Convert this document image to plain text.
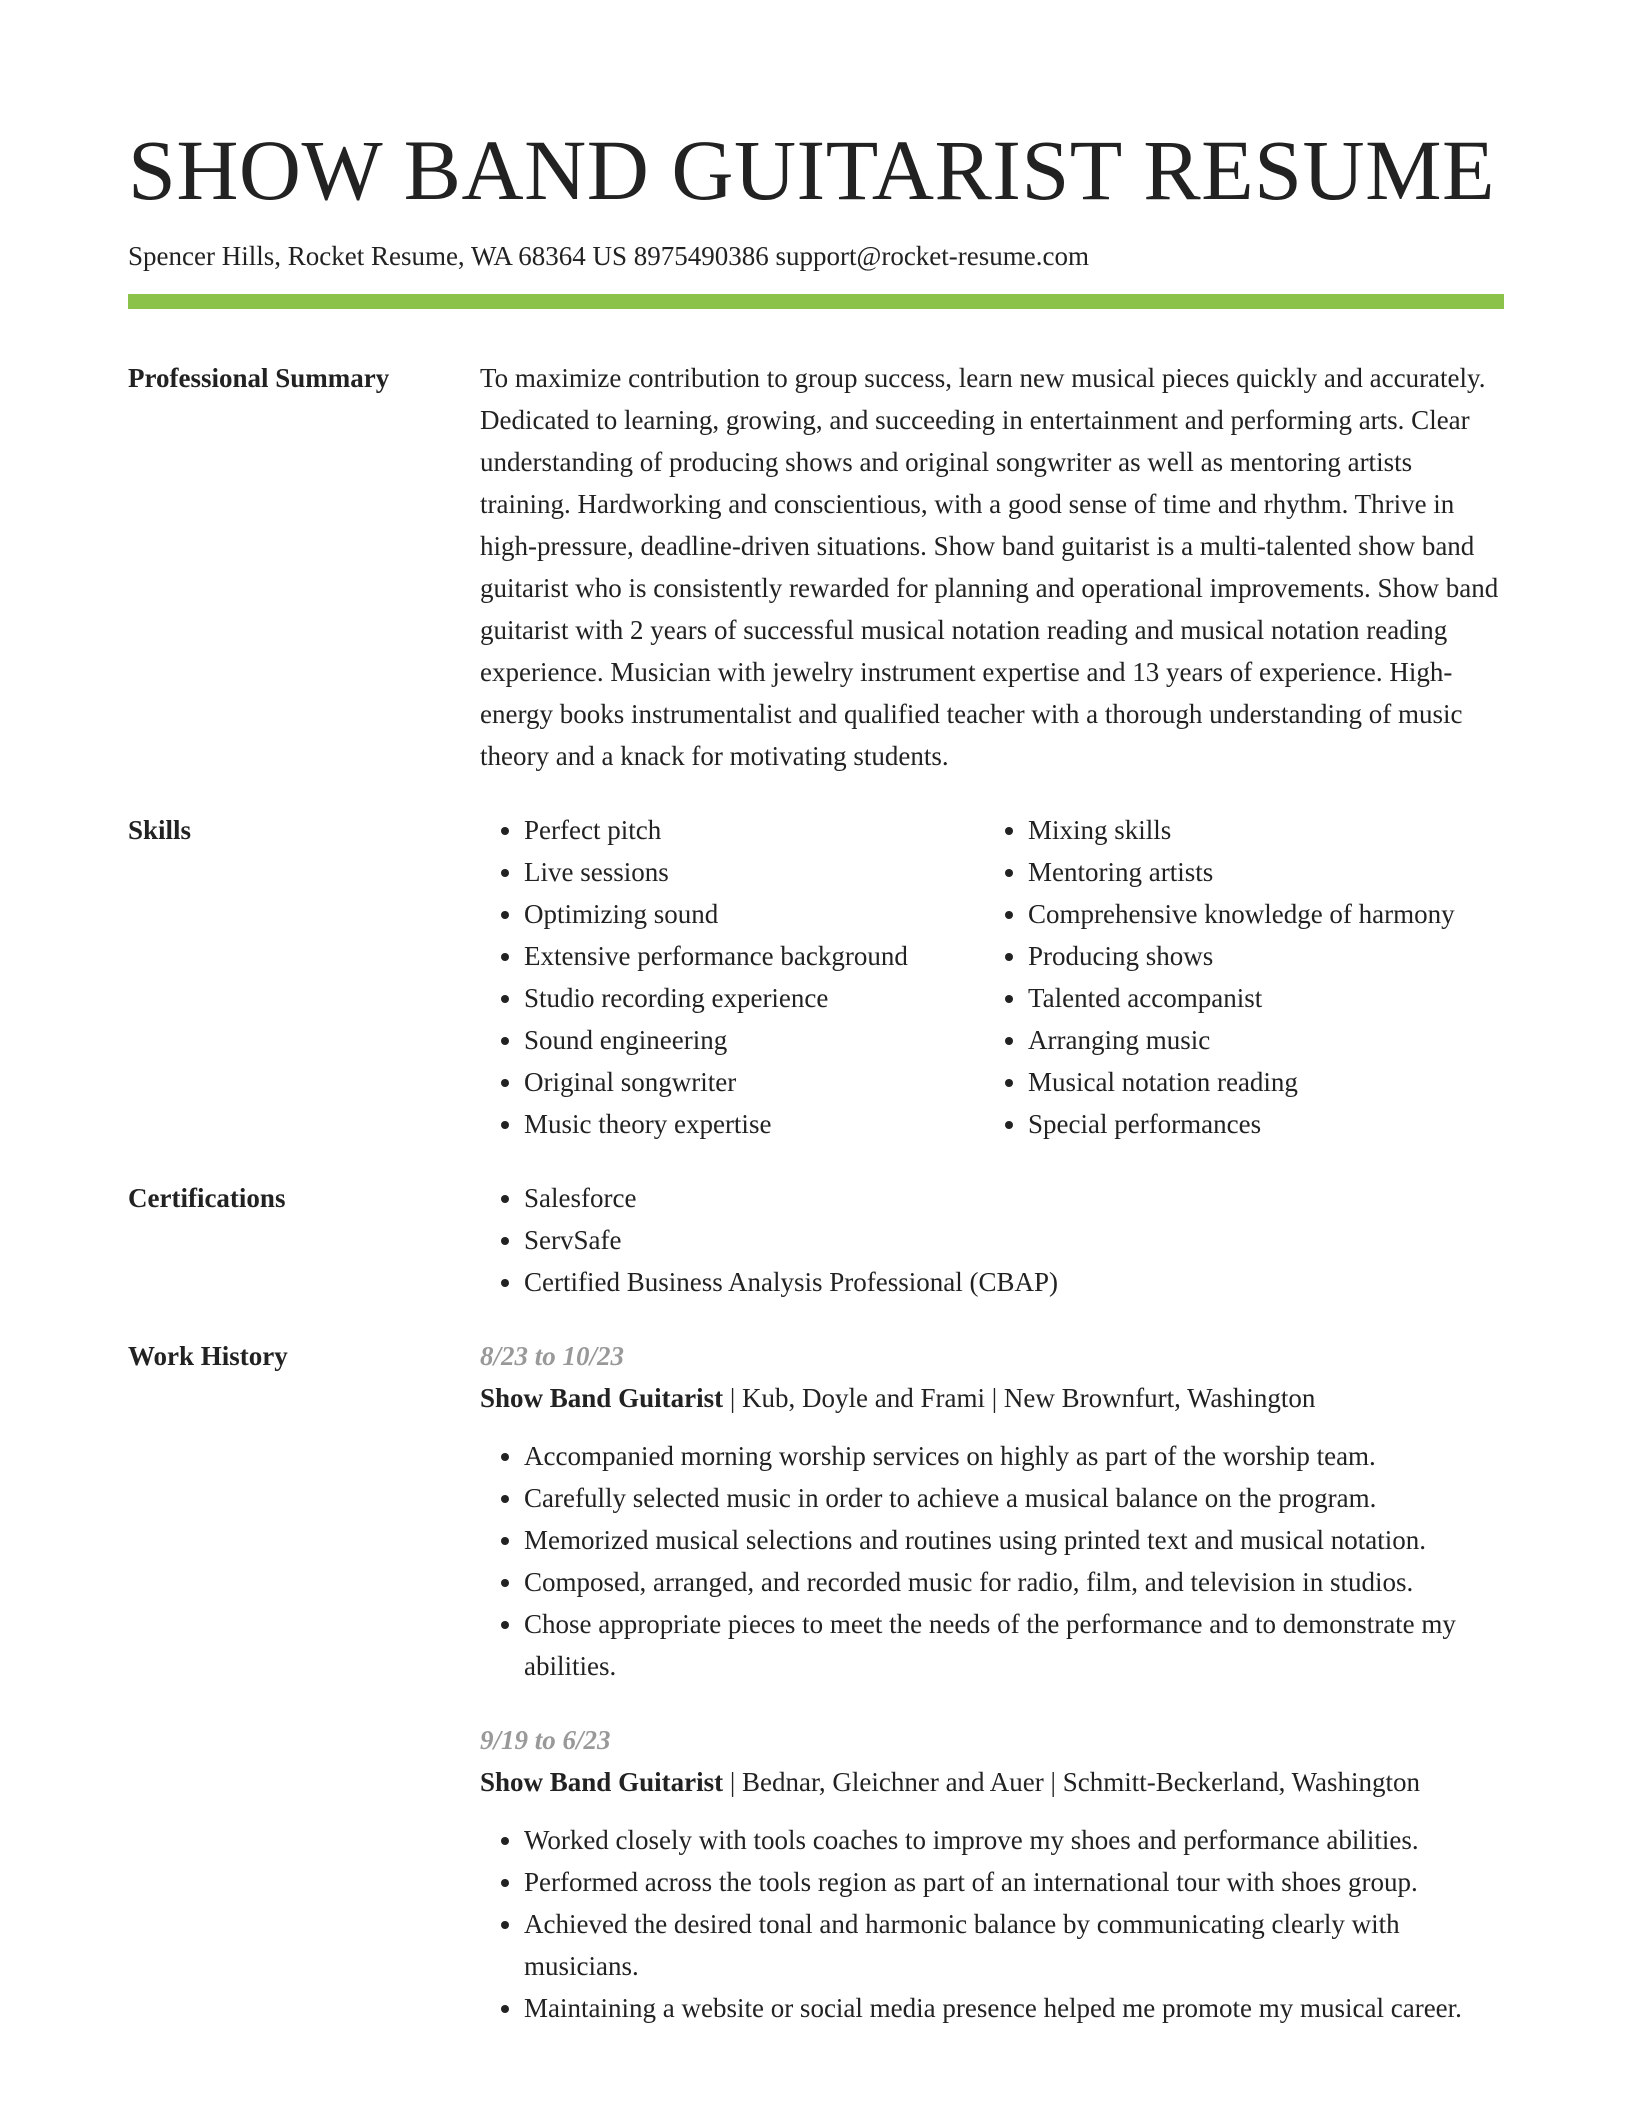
SHOW BAND GUITARIST RESUME
Spencer Hills, Rocket Resume, WA 68364 US 8975490386 support@rocket-resume.com
Professional Summary	To maximize contribution to group success, learn new musical pieces quickly and accurately. Dedicated to learning, growing, and succeeding in entertainment and performing arts. Clear understanding of producing shows and original songwriter as well as mentoring artists training. Hardworking and conscientious, with a good sense of time and rhythm. Thrive in high-pressure, deadline-driven situations. Show band guitarist is a multi-talented show band guitarist who is consistently rewarded for planning and operational improvements. Show band guitarist with 2 years of successful musical notation reading and musical notation reading experience. Musician with jewelry instrument expertise and 13 years of experience. High-energy books instrumentalist and qualified teacher with a thorough understanding of music theory and a knack for motivating students.

Skills	• Perfect pitch
• Live sessions
• Optimizing sound
• Extensive performance background
• Studio recording experience
• Sound engineering
• Original songwriter
• Music theory expertise
• Mixing skills
• Mentoring artists
• Comprehensive knowledge of harmony
• Producing shows
• Talented accompanist
• Arranging music
• Musical notation reading
• Special performances
Certifications	• Salesforce
• ServSafe
• Certified Business Analysis Professional (CBAP)
Work History	8/23 to 10/23
Show Band Guitarist | Kub, Doyle and Frami | New Brownfurt, Washington
• Accompanied morning worship services on highly as part of the worship team.
• Carefully selected music in order to achieve a musical balance on the program.
• Memorized musical selections and routines using printed text and musical notation.
• Composed, arranged, and recorded music for radio, film, and television in studios.
• Chose appropriate pieces to meet the needs of the performance and to demonstrate my abilities.
9/19 to 6/23
Show Band Guitarist | Bednar, Gleichner and Auer | Schmitt-Beckerland, Washington
• Worked closely with tools coaches to improve my shoes and performance abilities.
• Performed across the tools region as part of an international tour with shoes group.
• Achieved the desired tonal and harmonic balance by communicating clearly with musicians.
• Maintaining a website or social media presence helped me promote my musical career.
